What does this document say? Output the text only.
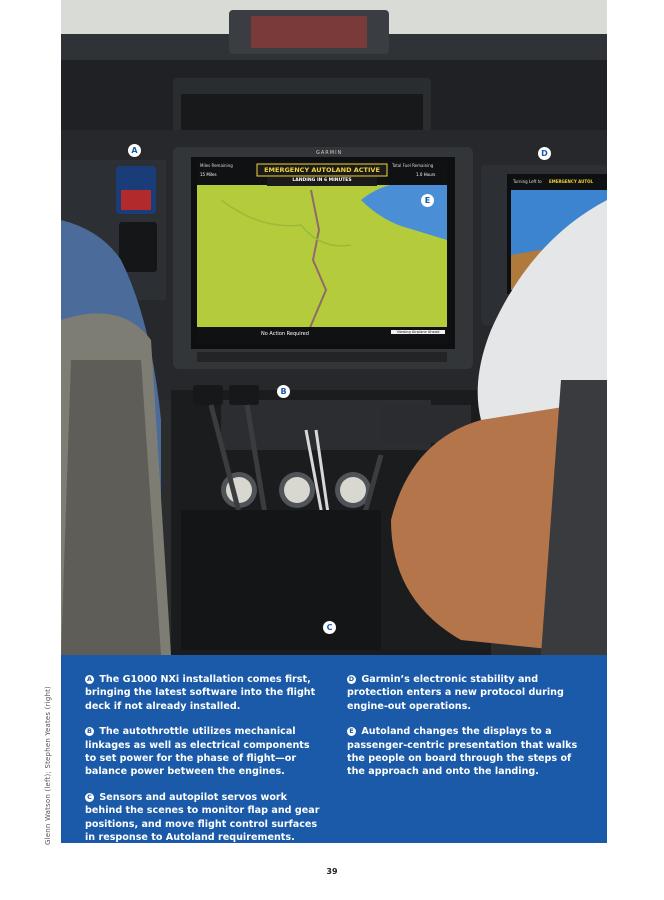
Glenn Watson (left); Stephen Yeates (right)
GARMIN
EMERGENCY AUTOLAND ACTIVE
LANDING IN 6 MINUTES
Miles Remaining
15 Miles
Total Fuel Remaining
1.0 Hours
No Action Required	Viewing Airplane Ahead
Turning Left to EMERGENCY AUTOL
A
B
C
D
E

A The G1000 NXi installation comes first, bringing the latest software into the flight deck if not already installed.

B The autothrottle utilizes mechanical linkages as well as electrical components to set power for the phase of flight—or balance power between the engines.

C Sensors and autopilot servos work behind the scenes to monitor flap and gear positions, and move flight control surfaces in response to Autoland requirements.

D Garmin’s electronic stability and protection enters a new protocol during engine-out operations.

E Autoland changes the displays to a passenger-centric presentation that walks the people on board through the steps of the approach and onto the landing.

39
